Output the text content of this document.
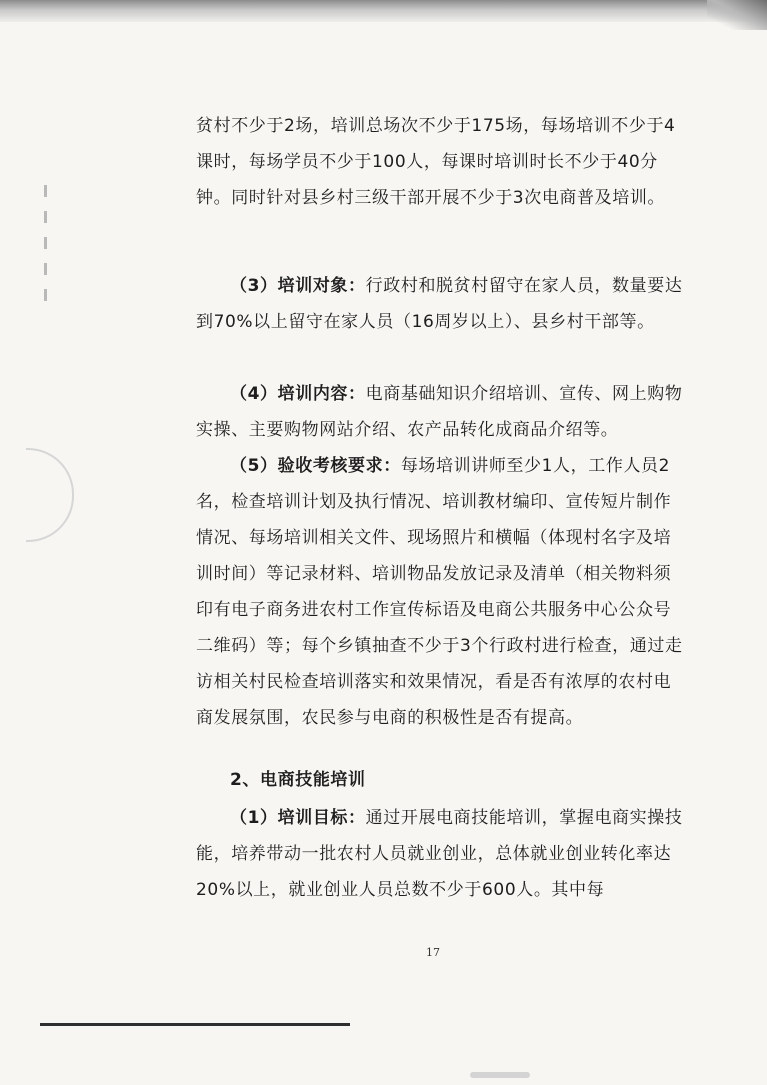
贫村不少于2场，培训总场次不少于175场，每场培训不少于4课时，每场学员不少于100人，每课时培训时长不少于40分钟。同时针对县乡村三级干部开展不少于3次电商普及培训。

（3）培训对象：行政村和脱贫村留守在家人员，数量要达到70%以上留守在家人员（16周岁以上）、县乡村干部等。

（4）培训内容：电商基础知识介绍培训、宣传、网上购物实操、主要购物网站介绍、农产品转化成商品介绍等。

（5）验收考核要求：每场培训讲师至少1人，工作人员2名，检查培训计划及执行情况、培训教材编印、宣传短片制作情况、每场培训相关文件、现场照片和横幅（体现村名字及培训时间）等记录材料、培训物品发放记录及清单（相关物料须印有电子商务进农村工作宣传标语及电商公共服务中心公众号二维码）等；每个乡镇抽查不少于3个行政村进行检查，通过走访相关村民检查培训落实和效果情况，看是否有浓厚的农村电商发展氛围，农民参与电商的积极性是否有提高。

2、电商技能培训

（1）培训目标：通过开展电商技能培训，掌握电商实操技能，培养带动一批农村人员就业创业，总体就业创业转化率达20%以上，就业创业人员总数不少于600人。其中每

17
